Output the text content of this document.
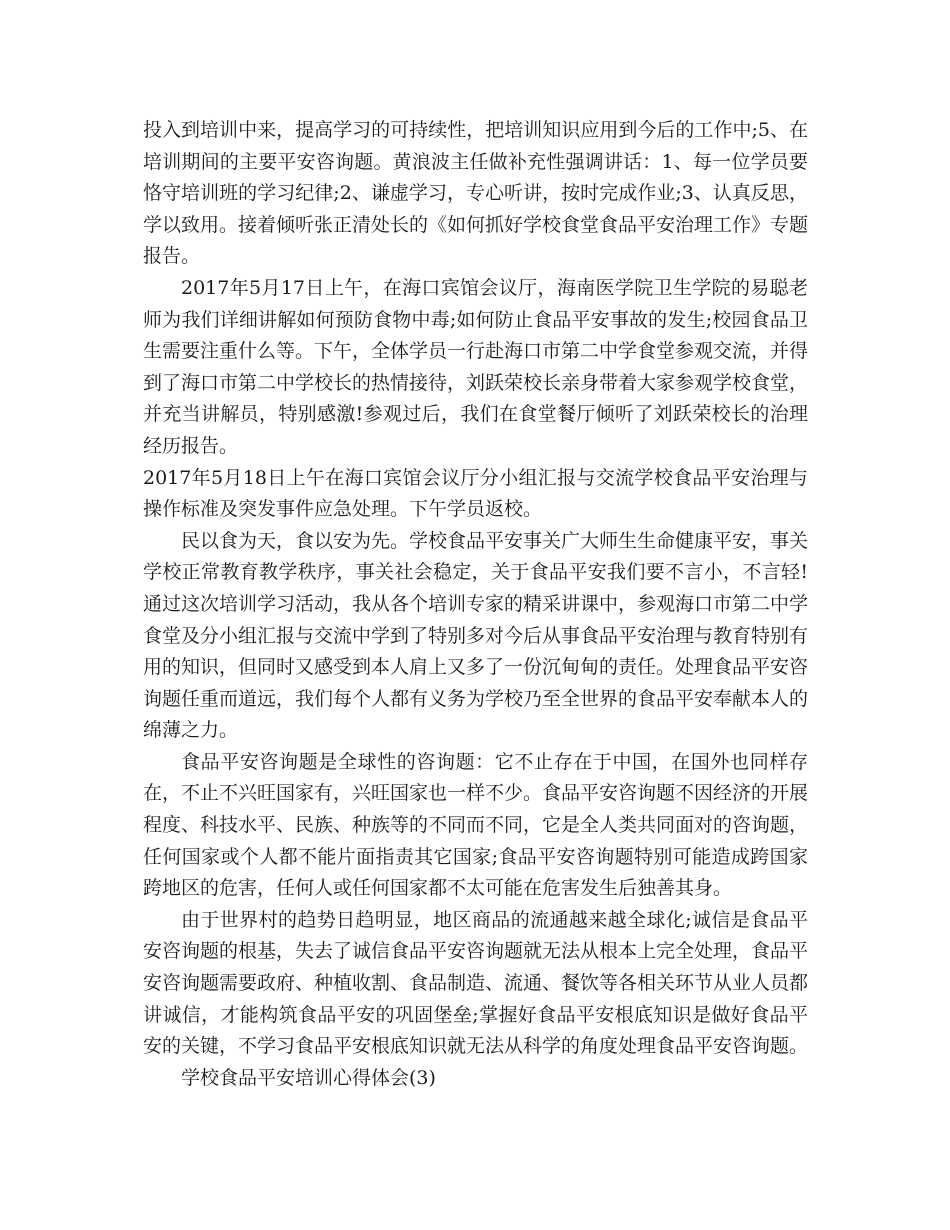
投入到培训中来，提高学习的可持续性，把培训知识应用到今后的工作中;5、在培训期间的主要平安咨询题。黄浪波主任做补充性强调讲话：1、每一位学员要恪守培训班的学习纪律;2、谦虚学习，专心听讲，按时完成作业;3、认真反思，学以致用。接着倾听张正清处长的《如何抓好学校食堂食品平安治理工作》专题报告。

2017年5月17日上午，在海口宾馆会议厅，海南医学院卫生学院的易聪老师为我们详细讲解如何预防食物中毒;如何防止食品平安事故的发生;校园食品卫生需要注重什么等。下午，全体学员一行赴海口市第二中学食堂参观交流，并得到了海口市第二中学校长的热情接待，刘跃荣校长亲身带着大家参观学校食堂，并充当讲解员，特别感激!参观过后，我们在食堂餐厅倾听了刘跃荣校长的治理经历报告。

2017年5月18日上午在海口宾馆会议厅分小组汇报与交流学校食品平安治理与操作标准及突发事件应急处理。下午学员返校。

民以食为天，食以安为先。学校食品平安事关广大师生生命健康平安，事关学校正常教育教学秩序，事关社会稳定，关于食品平安我们要不言小，不言轻!通过这次培训学习活动，我从各个培训专家的精采讲课中，参观海口市第二中学食堂及分小组汇报与交流中学到了特别多对今后从事食品平安治理与教育特别有用的知识，但同时又感受到本人肩上又多了一份沉甸甸的责任。处理食品平安咨询题任重而道远，我们每个人都有义务为学校乃至全世界的食品平安奉献本人的绵薄之力。

食品平安咨询题是全球性的咨询题：它不止存在于中国，在国外也同样存在，不止不兴旺国家有，兴旺国家也一样不少。食品平安咨询题不因经济的开展程度、科技水平、民族、种族等的不同而不同，它是全人类共同面对的咨询题，任何国家或个人都不能片面指责其它国家;食品平安咨询题特别可能造成跨国家跨地区的危害，任何人或任何国家都不太可能在危害发生后独善其身。

由于世界村的趋势日趋明显，地区商品的流通越来越全球化;诚信是食品平安咨询题的根基，失去了诚信食品平安咨询题就无法从根本上完全处理，食品平安咨询题需要政府、种植收割、食品制造、流通、餐饮等各相关环节从业人员都讲诚信，才能构筑食品平安的巩固堡垒;掌握好食品平安根底知识是做好食品平安的关键，不学习食品平安根底知识就无法从科学的角度处理食品平安咨询题。

学校食品平安培训心得体会(3)
